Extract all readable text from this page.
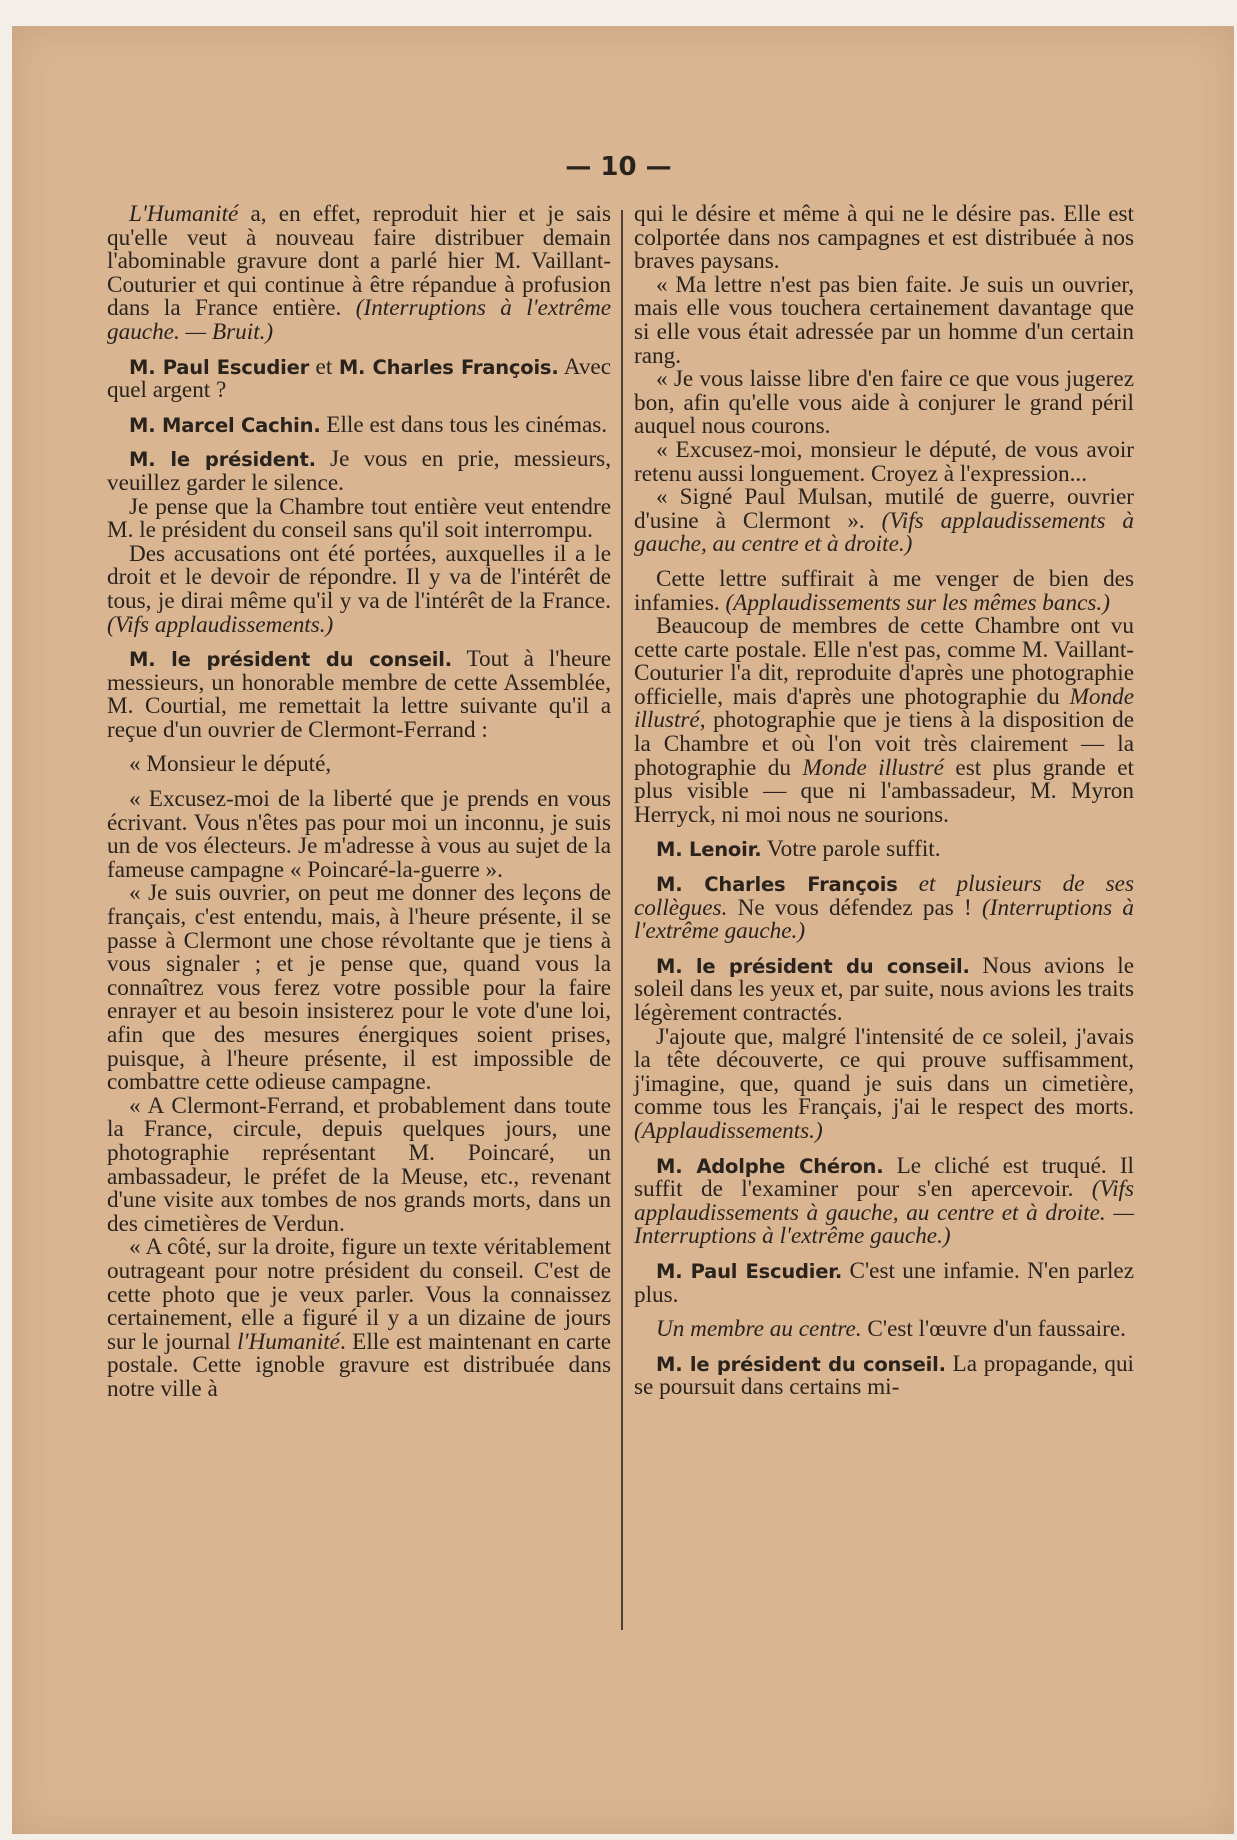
— 10 —

L'Humanité a, en effet, reproduit hier et je sais qu'elle veut à nouveau faire distribuer demain l'abominable gravure dont a parlé hier M. Vaillant-Couturier et qui continue à être répandue à profusion dans la France entière. (Interruptions à l'extrême gauche. — Bruit.)

M. Paul Escudier et M. Charles François. Avec quel argent ?

M. Marcel Cachin. Elle est dans tous les cinémas.

M. le président. Je vous en prie, messieurs, veuillez garder le silence.

Je pense que la Chambre tout entière veut entendre M. le président du conseil sans qu'il soit interrompu.

Des accusations ont été portées, auxquelles il a le droit et le devoir de répondre. Il y va de l'intérêt de tous, je dirai même qu'il y va de l'intérêt de la France. (Vifs applaudissements.)

M. le président du conseil. Tout à l'heure messieurs, un honorable membre de cette Assemblée, M. Courtial, me remettait la lettre suivante qu'il a reçue d'un ouvrier de Clermont-Ferrand :

« Monsieur le député,

« Excusez-moi de la liberté que je prends en vous écrivant. Vous n'êtes pas pour moi un inconnu, je suis un de vos électeurs. Je m'adresse à vous au sujet de la fameuse campagne « Poincaré-la-guerre ».

« Je suis ouvrier, on peut me donner des leçons de français, c'est entendu, mais, à l'heure présente, il se passe à Clermont une chose révoltante que je tiens à vous signaler ; et je pense que, quand vous la connaîtrez vous ferez votre possible pour la faire enrayer et au besoin insisterez pour le vote d'une loi, afin que des mesures énergiques soient prises, puisque, à l'heure présente, il est impossible de combattre cette odieuse campagne.

« A Clermont-Ferrand, et probablement dans toute la France, circule, depuis quelques jours, une photographie représentant M. Poincaré, un ambassadeur, le préfet de la Meuse, etc., revenant d'une visite aux tombes de nos grands morts, dans un des cimetières de Verdun.

« A côté, sur la droite, figure un texte véritablement outrageant pour notre président du conseil. C'est de cette photo que je veux parler. Vous la connaissez certainement, elle a figuré il y a un dizaine de jours sur le journal l'Humanité. Elle est maintenant en carte postale. Cette ignoble gravure est distribuée dans notre ville à

qui le désire et même à qui ne le désire pas. Elle est colportée dans nos campagnes et est distribuée à nos braves paysans.

« Ma lettre n'est pas bien faite. Je suis un ouvrier, mais elle vous touchera certainement davantage que si elle vous était adressée par un homme d'un certain rang.

« Je vous laisse libre d'en faire ce que vous jugerez bon, afin qu'elle vous aide à conjurer le grand péril auquel nous courons.

« Excusez-moi, monsieur le député, de vous avoir retenu aussi longuement. Croyez à l'expression...

« Signé Paul Mulsan, mutilé de guerre, ouvrier d'usine à Clermont ». (Vifs applaudissements à gauche, au centre et à droite.)

Cette lettre suffirait à me venger de bien des infamies. (Applaudissements sur les mêmes bancs.)

Beaucoup de membres de cette Chambre ont vu cette carte postale. Elle n'est pas, comme M. Vaillant-Couturier l'a dit, reproduite d'après une photographie officielle, mais d'après une photographie du Monde illustré, photographie que je tiens à la disposition de la Chambre et où l'on voit très clairement — la photographie du Monde illustré est plus grande et plus visible — que ni l'ambassadeur, M. Myron Herryck, ni moi nous ne sourions.

M. Lenoir. Votre parole suffit.

M. Charles François et plusieurs de ses collègues. Ne vous défendez pas ! (Interruptions à l'extrême gauche.)

M. le président du conseil. Nous avions le soleil dans les yeux et, par suite, nous avions les traits légèrement contractés.

J'ajoute que, malgré l'intensité de ce soleil, j'avais la tête découverte, ce qui prouve suffisamment, j'imagine, que, quand je suis dans un cimetière, comme tous les Français, j'ai le respect des morts. (Applaudissements.)

M. Adolphe Chéron. Le cliché est truqué. Il suffit de l'examiner pour s'en apercevoir. (Vifs applaudissements à gauche, au centre et à droite. — Interruptions à l'extrême gauche.)

M. Paul Escudier. C'est une infamie. N'en parlez plus.

Un membre au centre. C'est l'œuvre d'un faussaire.

M. le président du conseil. La propagande, qui se poursuit dans certains mi-
